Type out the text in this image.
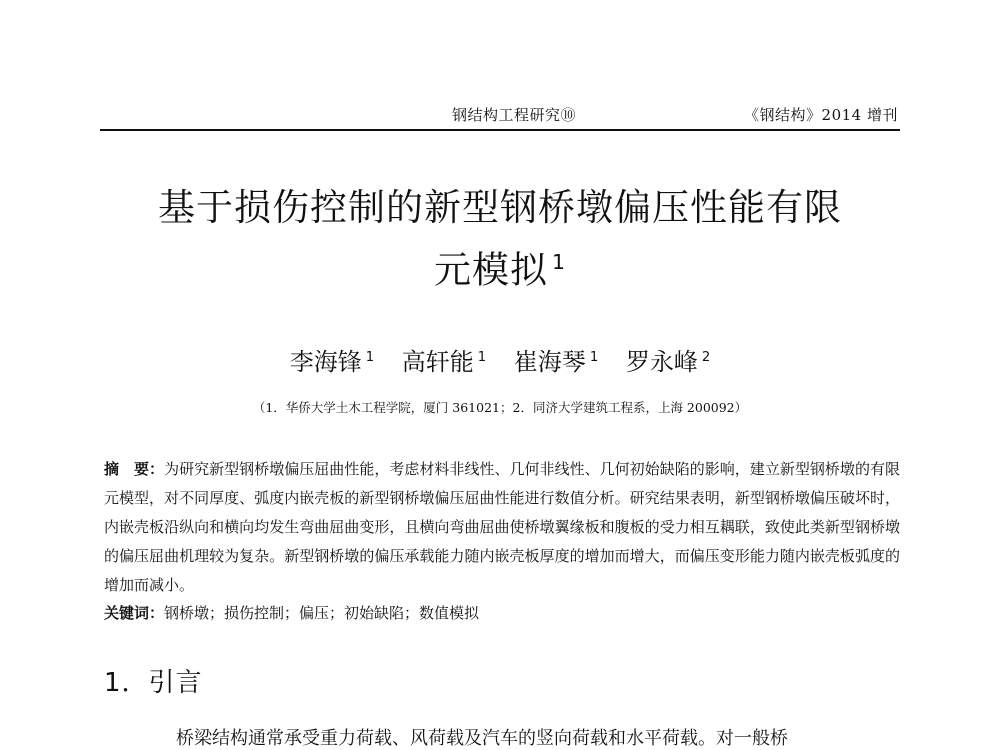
钢结构工程研究⑩	《钢结构》2014 增刊
基于损伤控制的新型钢桥墩偏压性能有限
元模拟 $^1$
李海锋 $^1$ 高轩能 $^1$ 崔海琴 $^1$ 罗永峰 $^2$
（1．华侨大学土木工程学院，厦门 361021；2．同济大学建筑工程系，上海 200092）
摘　要：为研究新型钢桥墩偏压屈曲性能，考虑材料非线性、几何非线性、几何初始缺陷的影响，建立新型钢桥墩的有限元模型，对不同厚度、弧度内嵌壳板的新型钢桥墩偏压屈曲性能进行数值分析。研究结果表明，新型钢桥墩偏压破坏时，内嵌壳板沿纵向和横向均发生弯曲屈曲变形，且横向弯曲屈曲使桥墩翼缘板和腹板的受力相互耦联，致使此类新型钢桥墩的偏压屈曲机理较为复杂。新型钢桥墩的偏压承载能力随内嵌壳板厚度的增加而增大，而偏压变形能力随内嵌壳板弧度的增加而减小。
关键词：钢桥墩；损伤控制；偏压；初始缺陷；数值模拟
1．引言
　　桥梁结构通常承受重力荷载、风荷载及汽车的竖向荷载和水平荷载。对一般桥
